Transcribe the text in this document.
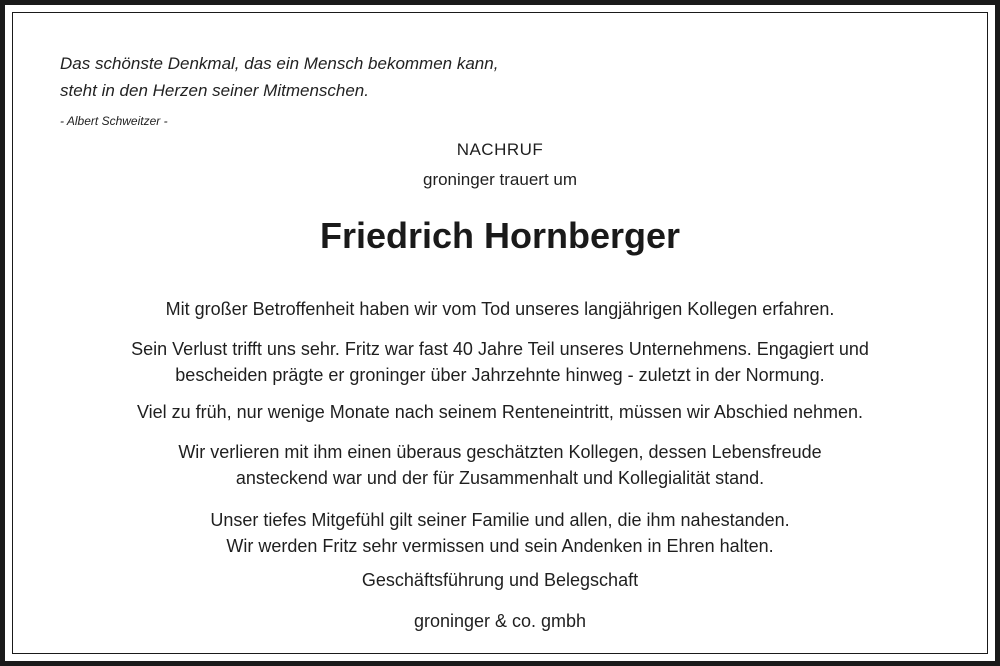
Das schönste Denkmal, das ein Mensch bekommen kann,
steht in den Herzen seiner Mitmenschen.
- Albert Schweitzer -
NACHRUF
groninger trauert um
Friedrich Hornberger
Mit großer Betroffenheit haben wir vom Tod unseres langjährigen Kollegen erfahren.
Sein Verlust trifft uns sehr. Fritz war fast 40 Jahre Teil unseres Unternehmens. Engagiert und
bescheiden prägte er groninger über Jahrzehnte hinweg - zuletzt in der Normung.
Viel zu früh, nur wenige Monate nach seinem Renteneintritt, müssen wir Abschied nehmen.
Wir verlieren mit ihm einen überaus geschätzten Kollegen, dessen Lebensfreude
ansteckend war und der für Zusammenhalt und Kollegialität stand.
Unser tiefes Mitgefühl gilt seiner Familie und allen, die ihm nahestanden.
Wir werden Fritz sehr vermissen und sein Andenken in Ehren halten.
Geschäftsführung und Belegschaft
groninger & co. gmbh
